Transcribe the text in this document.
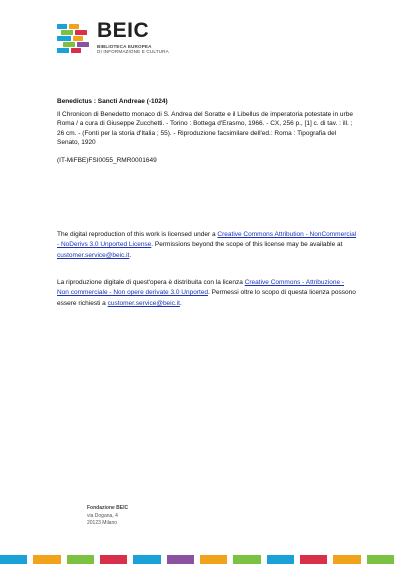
BEIC
BIBLIOTECA EUROPEA
DI INFORMAZIONE E CULTURA
Benedictus : Sancti Andreae (-1024)
Il Chronicon di Benedetto monaco di S. Andrea del Soratte e il Libellus de imperatoria potestate in urbe Roma / a cura di Giuseppe Zucchetti. - Torino : Bottega d'Erasmo, 1966. - CX, 256 p., [1] c. di tav. : ill. ; 26 cm. - (Fonti per la storia d'Italia ; 55). - Riproduzione facsimilare dell'ed.: Roma : Tipografia del Senato, 1920
(IT-MiFBE)FSI0055_RMR0001649
The digital reproduction of this work is licensed under a Creative Commons Attribution - NonCommercial - NoDerivs 3.0 Unported License. Permissions beyond the scope of this license may be available at customer.service@beic.it.
La riproduzione digitale di quest'opera è distribuita con la licenza Creative Commons - Attribuzione - Non commerciale - Non opere derivate 3.0 Unported. Permessi oltre lo scopo di questa licenza possono essere richiesti a customer.service@beic.it.
Fondazione BEIC
via Dogana, 4
20123 Milano
